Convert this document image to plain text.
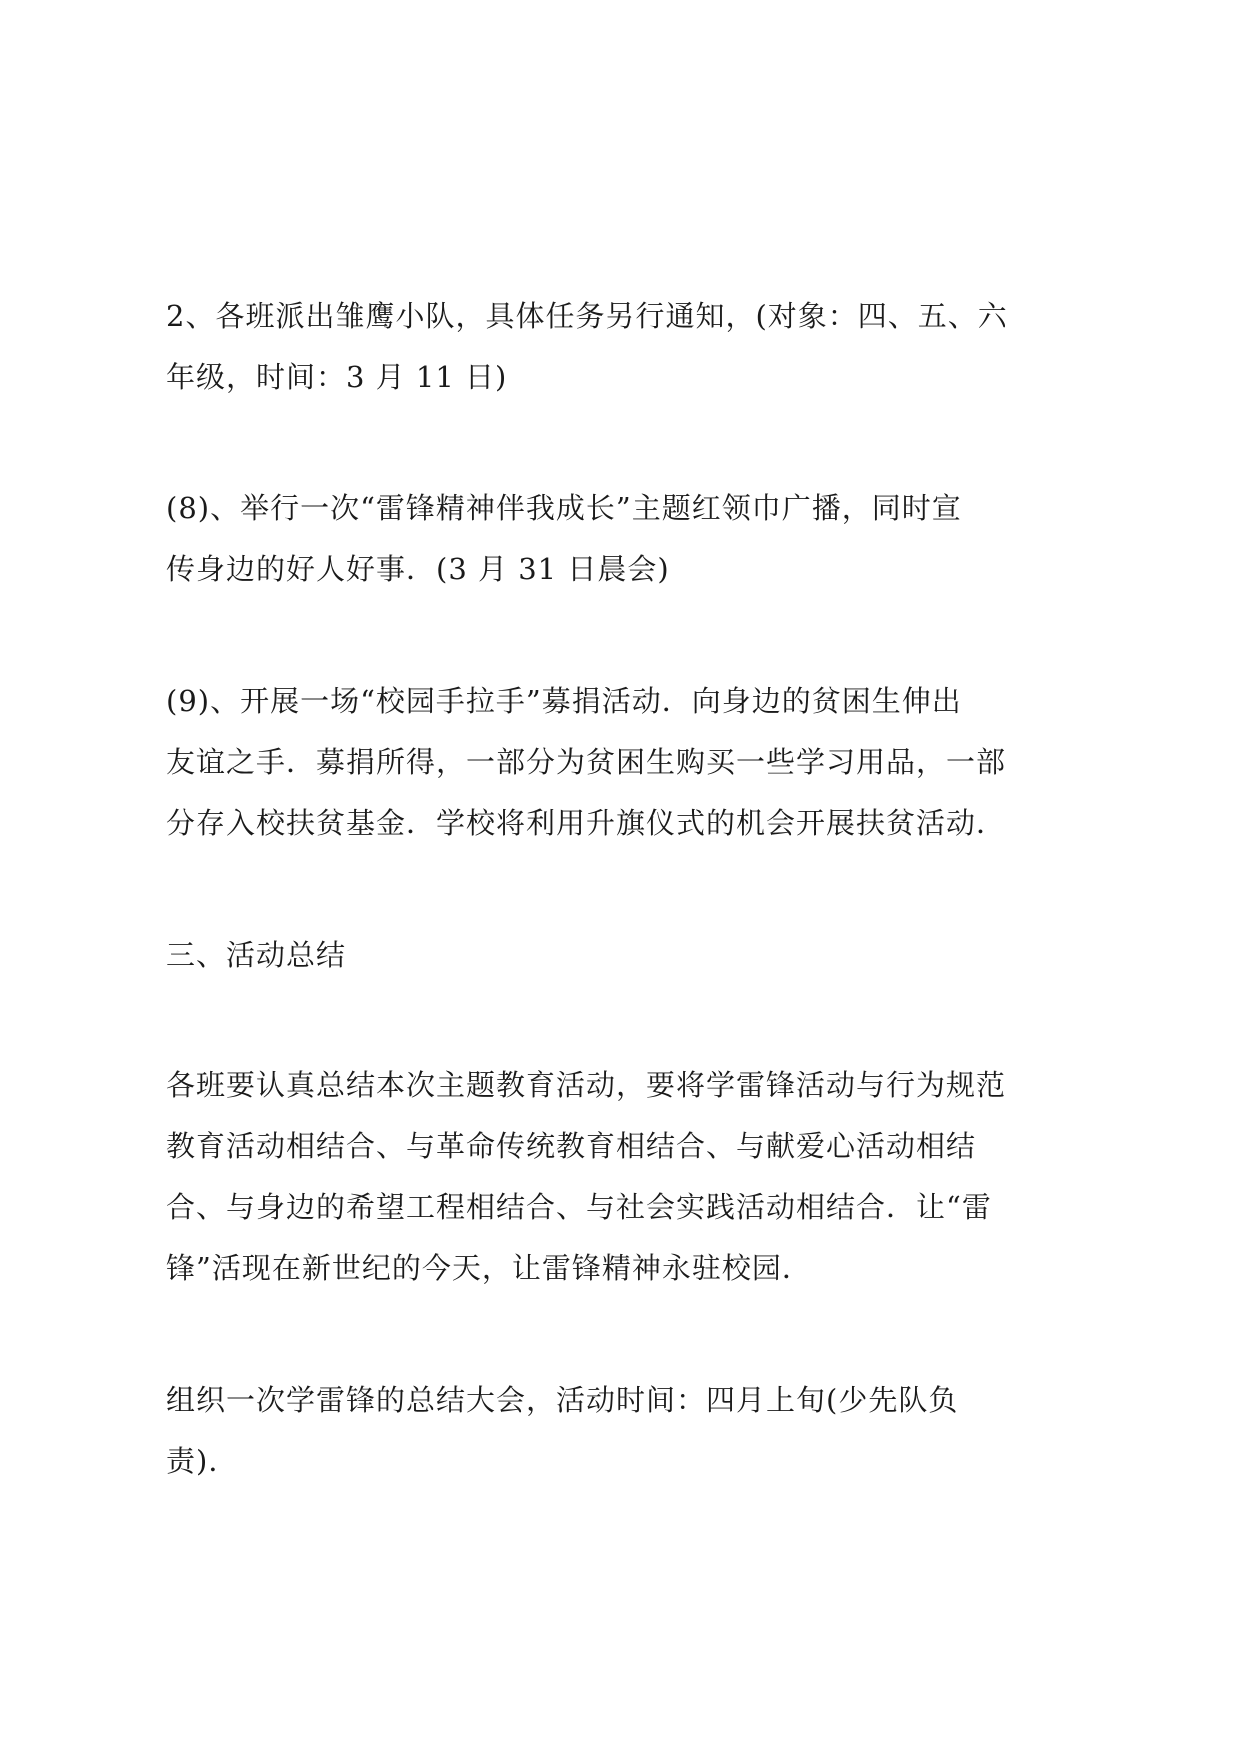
2、各班派出雏鹰小队，具体任务另行通知，(对象：四、五、六
年级，时间：3 月 11 日)

(8)、举行一次“雷锋精神伴我成长”主题红领巾广播，同时宣
传身边的好人好事．(3 月 31 日晨会)

(9)、开展一场“校园手拉手”募捐活动．向身边的贫困生伸出
友谊之手．募捐所得，一部分为贫困生购买一些学习用品，一部
分存入校扶贫基金．学校将利用升旗仪式的机会开展扶贫活动．

三、活动总结

各班要认真总结本次主题教育活动，要将学雷锋活动与行为规范
教育活动相结合、与革命传统教育相结合、与献爱心活动相结
合、与身边的希望工程相结合、与社会实践活动相结合．让“雷
锋”活现在新世纪的今天，让雷锋精神永驻校园．

组织一次学雷锋的总结大会，活动时间：四月上旬(少先队负
责)．
